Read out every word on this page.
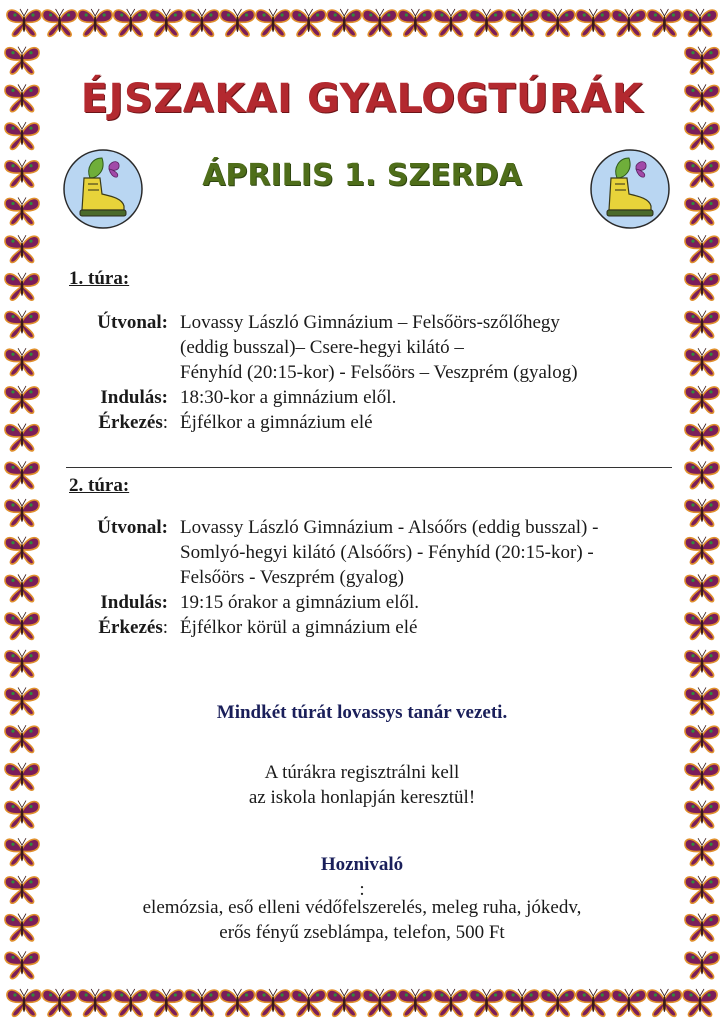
ÉJSZAKAI GYALOGTÚRÁK
ÁPRILIS 1. SZERDA
1. túra:
Útvonal: Lovassy László Gimnázium – Felsőörs-szőlőhegy
(eddig busszal)– Csere-hegyi kilátó –
Fényhíd (20:15-kor) - Felsőörs – Veszprém (gyalog)
Indulás: 18:30-kor a gimnázium elől.
Érkezés: Éjfélkor a gimnázium elé
2. túra:
Útvonal: Lovassy László Gimnázium - Alsóőrs (eddig busszal) -
Somlyó-hegyi kilátó (Alsóőrs) - Fényhíd (20:15-kor) -
Felsőörs - Veszprém (gyalog)
Indulás: 19:15 órakor a gimnázium elől.
Érkezés: Éjfélkor körül a gimnázium elé
Mindkét túrát lovassys tanár vezeti.
A túrákra regisztrálni kell
az iskola honlapján keresztül!
Hoznivaló
:
elemózsia, eső elleni védőfelszerelés, meleg ruha, jókedv,
erős fényű zseblámpa, telefon, 500 Ft
